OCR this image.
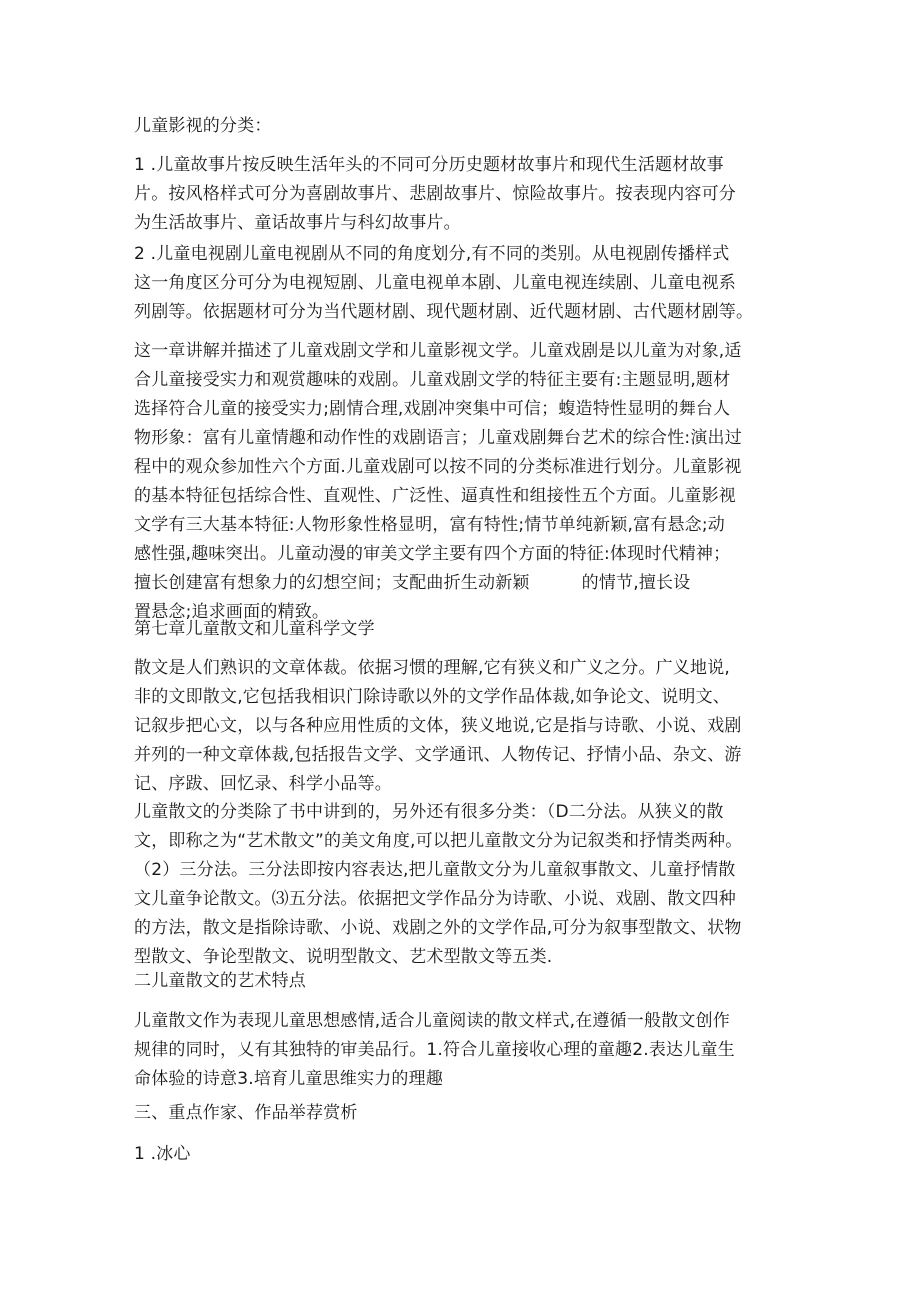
儿童影视的分类：
1 .儿童故事片按反映生活年头的不同可分历史题材故事片和现代生活题材故事
片。按风格样式可分为喜剧故事片、悲剧故事片、惊险故事片。按表现内容可分
为生活故事片、童话故事片与科幻故事片。
2 .儿童电视剧儿童电视剧从不同的角度划分,有不同的类别。从电视剧传播样式
这一角度区分可分为电视短剧、儿童电视单本剧、儿童电视连续剧、儿童电视系
列剧等。依据题材可分为当代题材剧、现代题材剧、近代题材剧、古代题材剧等。
这一章讲解并描述了儿童戏剧文学和儿童影视文学。儿童戏剧是以儿童为对象,适
合儿童接受实力和观赏趣味的戏剧。儿童戏剧文学的特征主要有:主题显明,题材
选择符合儿童的接受实力;剧情合理,戏剧冲突集中可信；蝮造特性显明的舞台人
物形象：富有儿童情趣和动作性的戏剧语言；儿童戏剧舞台艺术的综合性:演出过
程中的观众参加性六个方面.儿童戏剧可以按不同的分类标准进行划分。儿童影视
的基本特征包括综合性、直观性、广泛性、逼真性和组接性五个方面。儿童影视
文学有三大基本特征:人物形象性格显明，富有特性;情节单纯新颖,富有悬念;动
感性强,趣味突出。儿童动漫的审美文学主要有四个方面的特征:体现时代精神；
擅长创建富有想象力的幻想空间；支配曲折生动新颖	的情节,擅长设
置悬念;追求画面的精致。
第七章儿童散文和儿童科学文学
散文是人们熟识的文章体裁。依据习惯的理解,它有狭义和广义之分。广义地说,
非的文即散文,它包括我相识门除诗歌以外的文学作品体裁,如争论文、说明文、
记叙步把心文，以与各种应用性质的文体，狭义地说,它是指与诗歌、小说、戏剧
并列的一种文章体裁,包括报告文学、文学通讯、人物传记、抒情小品、杂文、游
记、序跋、回忆录、科学小品等。
儿童散文的分类除了书中讲到的，另外还有很多分类：（D二分法。从狭义的散
文，即称之为“艺术散文”的美文角度,可以把儿童散文分为记叙类和抒情类两种。
（2）三分法。三分法即按内容表达,把儿童散文分为儿童叙事散文、儿童抒情散
文儿童争论散文。⑶五分法。依据把文学作品分为诗歌、小说、戏剧、散文四种
的方法，散文是指除诗歌、小说、戏剧之外的文学作品,可分为叙事型散文、状物
型散文、争论型散文、说明型散文、艺术型散文等五类.
二儿童散文的艺术特点
儿童散文作为表现儿童思想感情,适合儿童阅读的散文样式,在遵循一般散文创作
规律的同时，乂有其独特的审美品行。1.符合儿童接收心理的童趣2.表达儿童生
命体验的诗意3.培育儿童思维实力的理趣
三、重点作家、作品举荐赏析
1 .冰心
